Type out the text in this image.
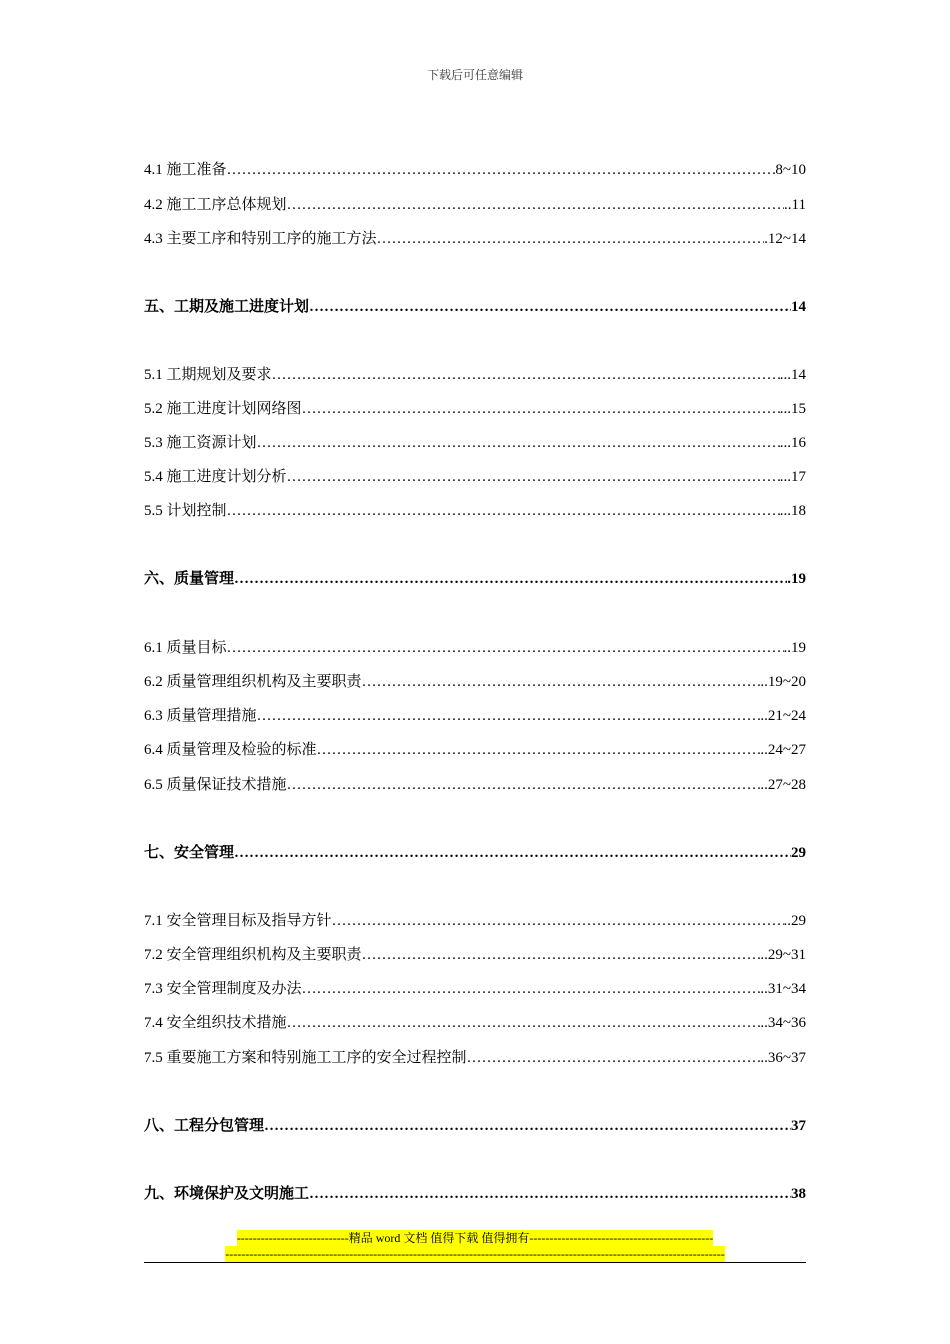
下载后可任意编辑
4.1 施工准备 ……………………………………………………………………………………………………………………………………………………………………………………………………………………………………	8~10
4.2 施工工序总体规划 ……………………………………………………………………………………………………………………………………………………………………………………………………………………………………	..11
4.3 主要工序和特别工序的施工方法 ……………………………………………………………………………………………………………………………………………………………………………………………………………………………………	.12~14
五、工期及施工进度计划 ……………………………………………………………………………………………………………………………………………………………………………………………………………………………………	14
5.1 工期规划及要求 ……………………………………………………………………………………………………………………………………………………………………………………………………………………………………	...14
5.2 施工进度计划网络图 ……………………………………………………………………………………………………………………………………………………………………………………………………………………………………	...15
5.3 施工资源计划 ……………………………………………………………………………………………………………………………………………………………………………………………………………………………………	...16
5.4 施工进度计划分析 ……………………………………………………………………………………………………………………………………………………………………………………………………………………………………	...17
5.5 计划控制 ……………………………………………………………………………………………………………………………………………………………………………………………………………………………………	...18
六、质量管理 ……………………………………………………………………………………………………………………………………………………………………………………………………………………………………	.19
6.1 质量目标 ……………………………………………………………………………………………………………………………………………………………………………………………………………………………………	..19
6.2 质量管理组织机构及主要职责 ……………………………………………………………………………………………………………………………………………………………………………………………………………………………………	..19~20
6.3 质量管理措施 ……………………………………………………………………………………………………………………………………………………………………………………………………………………………………	..21~24
6.4 质量管理及检验的标准 ……………………………………………………………………………………………………………………………………………………………………………………………………………………………………	..24~27
6.5 质量保证技术措施 ……………………………………………………………………………………………………………………………………………………………………………………………………………………………………	..27~28
七、安全管理 ……………………………………………………………………………………………………………………………………………………………………………………………………………………………………	29
7.1 安全管理目标及指导方针 ……………………………………………………………………………………………………………………………………………………………………………………………………………………………………	..29
7.2 安全管理组织机构及主要职责 ……………………………………………………………………………………………………………………………………………………………………………………………………………………………………	..29~31
7.3 安全管理制度及办法 ……………………………………………………………………………………………………………………………………………………………………………………………………………………………………	..31~34
7.4 安全组织技术措施 ……………………………………………………………………………………………………………………………………………………………………………………………………………………………………	..34~36
7.5 重要施工方案和特别施工工序的安全过程控制 ……………………………………………………………………………………………………………………………………………………………………………………………………………………………………	..36~37
八、工程分包管理 ……………………………………………………………………………………………………………………………………………………………………………………………………………………………………	37
九、环境保护及文明施工 ……………………………………………………………………………………………………………………………………………………………………………………………………………………………………	38
----------------------------精品 word 文档 值得下载 值得拥有----------------------------------------------
-----------------------------------------------------------------------------------------------------------------------------
